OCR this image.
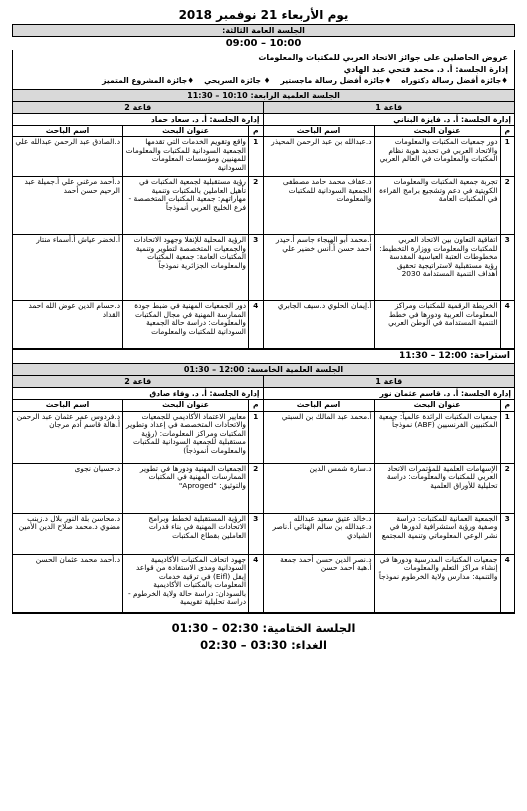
يوم الأربعاء 21 نوفمبر 2018
الجلسة العامة الثالثة:
09:00 – 10:00
عروض الحاصلين على جوائز الاتحاد العربي للمكتبات والمعلومات
إدارة الجلسة: أ. د. محمد فتحي عبد الهادي
♦جائزة أفضل رسالة دكتوراه
♦جائزة أفضل رسالة ماجستير
♦ جائزة السريحي
♦جائزة المشروع المتميز
الجلسة العلمية الرابعة: 10:10 – 11:30
قاعة 1
إدارة الجلسة: أ. د. فايزة البناني
م	عنوان البحث	اسم الباحث
1	دور جمعيات المكتبات والمعلومات والاتحاد العربي في تحديد هوية نظام المكتبات والمعلومات في العالم العربي	د.عبدالله بن عبد الرحمن المحيذر
2	تجربة جمعية المكتبات والمعلومات الكويتية في دعم وتشجيع برامج القراءة في المكتبات العامة	د.عفاف محمد حامد مصطفى الجمعية السودانية للمكتبات والمعلومات
3	اتفاقية التعاون بين الاتحاد العربي للمكتبات والمعلومات ووزارة التخطيط: مخطوطات العتبة العباسية المقدسة رؤية مستقبلية لاستراتيجية تحقيق أهداف التنمية المستدامة 2030	أ.محمد أبو الهيجاء جاسم أ.حيدر أحمد حسن أ.أنس خضير علي
4	الخريطة الرقمية للمكتبات ومراكز المعلومات العربية ودورها في خطط التنمية المستدامة في الوطن العربي	أ.إيمان الحلوي د.سيف الجابري
قاعة 2
إدارة الجلسة: أ. د. سعاد حماد
م	عنوان البحث	اسم الباحث
1	واقع وتقويم الخدمات التي تقدمها الجمعية السودانية للمكتبات والمعلومات للمهنيين ومؤسسات المعلومات السودانية	د.الصادق عبد الرحمن عبدالله علي
2	رؤية مستقبلية لجمعية المكتبات في تأهيل العاملين بالمكتبات وتنمية مهاراتهم: جمعية المكتبات المتخصصة - فرع الخليج العربي أنموذجاً	د.أحمد مرغني علي أ.جميلة عبد الرحيم حسن أحمد
3	الرؤية المحلية للإنفلا وجهود الاتحادات والجمعيات المتخصصة لتطوير وتنمية المكتبات العامة: جمعية المكتبات والمعلومات الجزائرية نموذجاً	أ.لخضر عياش أ.أسماء منتار
4	دور الجمعيات المهنية في ضبط جودة الممارسة المهنية في مجال المكتبات والمعلومات: دراسة حالة الجمعية السودانية للمكتبات والمعلومات	د.حسام الدين عوض الله احمد القداد
استراحة: 11:30 – 12:00
الجلسة العلمية الخامسة: 12:00 – 01:30
قاعة 1
إدارة الجلسة: أ. د. قاسم عثمان نور
م	عنوان البحث	اسم الباحث
1	جمعيات المكتبات الرائدة عالمياً: جمعية المكتبيين الفرنسيين (ABF) نموذجاً	أ.محمد عبد المالك بن السبتي
2	الإسهامات العلمية للمؤتمرات الاتحاد العربي للمكتبات والمعلومات: دراسة تحليلية للأوراق العلمية	د.سارة شمس الدين
3	الجمعية العمانية للمكتبات: دراسة وصفية ورؤية استشرافية لدورها في نشر الوعي المعلوماتي وتنمية المجتمع	د.خالد عتيق سعيد عبدالله د.عبدالله بن سالم الهنائي أ.ناصر الشيادي
4	جمعيات المكتبات المدرسية ودورها في إنشاء مراكز التعلم والمعلومات والتنمية: مدارس ولاية الخرطوم نموذجاً	د.نصر الدين حسن أحمد جمعة أ.هبة أحمد حسن
قاعة 2
إدارة الجلسة: أ. د. وفاء صادق
م	عنوان البحث	اسم الباحث
1	معايير الاعتماد الأكاديمي للجمعيات والاتحادات المتخصصة في إعداد وتطوير المكتبات ومراكز المعلومات: (رؤية مستقبلية للجمعية السودانية للمكتبات والمعلومات أنموذجاً)	د.فردوس عمر عثمان عبد الرحمن أ.هالة قاسم أدم مرجان
2	الجمعيات المهنية ودورها في تطوير الممارسات المهنية في المكتبات والتوثيق: "Aproged"	د.حسيان نجوى
3	الرؤية المستقبلية لخطط وبرامج الاتحادات المهنية في بناء قدرات العاملين بقطاع المكتبات	د.محاسن بلة النور بلال د.زينب مضوي د.محمد صلاح الدين الأمين
4	جهود اتحاف المكتبات الأكاديمية السودانية ومدى الاستفادة من قواعد إيفل (Eifl) في ترقية خدمات المعلومات بالمكتبات الأكاديمية بالسودان: دراسة حالة ولاية الخرطوم - دراسة تحليلية تقويمية	د.أحمد محمد عثمان الحسن
الجلسة الختامية: 01:30 – 02:30
الغداء: 02:30 – 03:30
